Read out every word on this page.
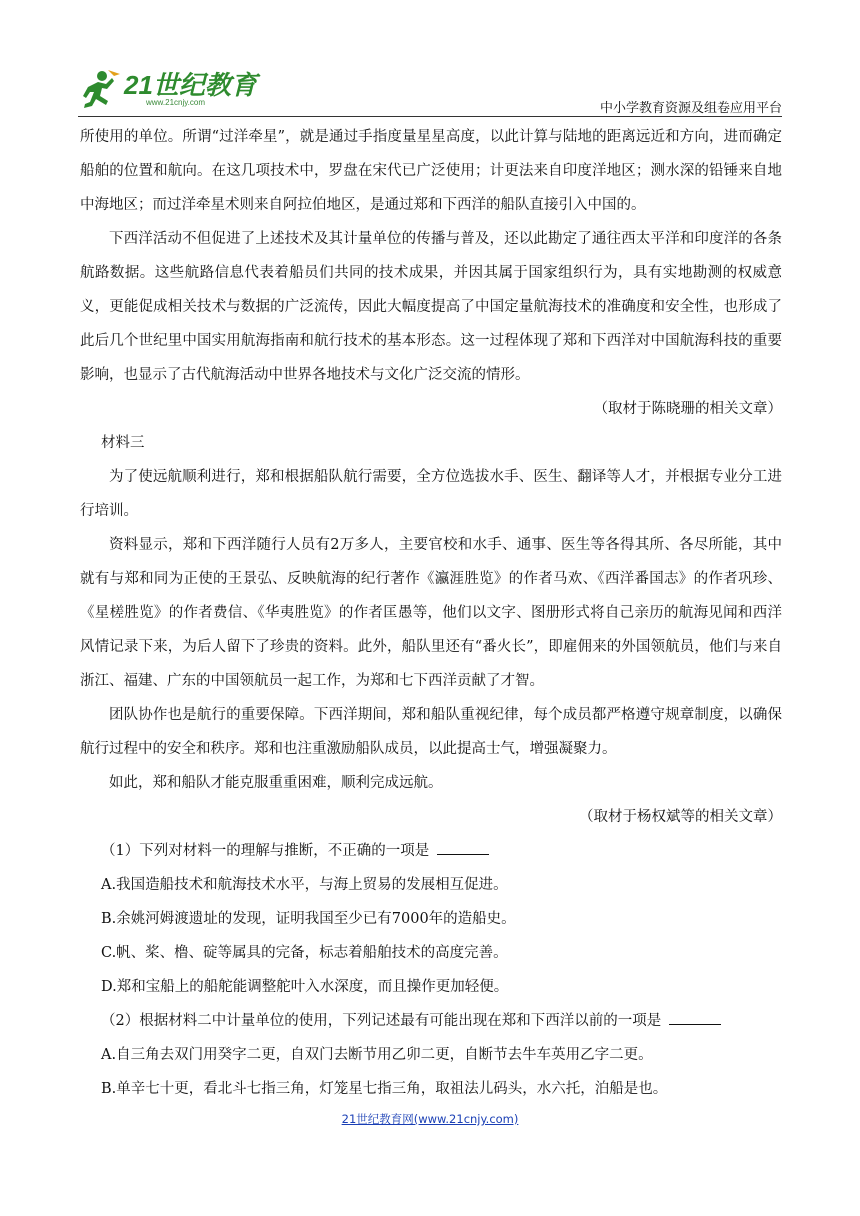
21世纪教育
www.21cnjy.com	中小学教育资源及组卷应用平台

所使用的单位。所谓“过洋牵星”，就是通过手指度量星星高度，以此计算与陆地的距离远近和方向，进而确定船舶的位置和航向。在这几项技术中，罗盘在宋代已广泛使用；计更法来自印度洋地区；测水深的铅锤来自地中海地区；而过洋牵星术则来自阿拉伯地区，是通过郑和下西洋的船队直接引入中国的。

下西洋活动不但促进了上述技术及其计量单位的传播与普及，还以此勘定了通往西太平洋和印度洋的各条航路数据。这些航路信息代表着船员们共同的技术成果，并因其属于国家组织行为，具有实地勘测的权威意义，更能促成相关技术与数据的广泛流传，因此大幅度提高了中国定量航海技术的准确度和安全性，也形成了此后几个世纪里中国实用航海指南和航行技术的基本形态。这一过程体现了郑和下西洋对中国航海科技的重要影响，也显示了古代航海活动中世界各地技术与文化广泛交流的情形。

（取材于陈晓珊的相关文章）

材料三

为了使远航顺利进行，郑和根据船队航行需要，全方位选拔水手、医生、翻译等人才，并根据专业分工进行培训。

资料显示，郑和下西洋随行人员有2万多人，主要官校和水手、通事、医生等各得其所、各尽所能，其中就有与郑和同为正使的王景弘、反映航海的纪行著作《瀛涯胜览》的作者马欢、《西洋番国志》的作者巩珍、《星槎胜览》的作者费信、《华夷胜览》的作者匡愚等，他们以文字、图册形式将自己亲历的航海见闻和西洋风情记录下来，为后人留下了珍贵的资料。此外，船队里还有“番火长”，即雇佣来的外国领航员，他们与来自浙江、福建、广东的中国领航员一起工作，为郑和七下西洋贡献了才智。

团队协作也是航行的重要保障。下西洋期间，郑和船队重视纪律，每个成员都严格遵守规章制度，以确保航行过程中的安全和秩序。郑和也注重激励船队成员，以此提高士气，增强凝聚力。

如此，郑和船队才能克服重重困难，顺利完成远航。

（取材于杨权斌等的相关文章）

（1）下列对材料一的理解与推断，不正确的一项是

A.我国造船技术和航海技术水平，与海上贸易的发展相互促进。

B.余姚河姆渡遗址的发现，证明我国至少已有7000年的造船史。

C.帆、桨、橹、碇等属具的完备，标志着船舶技术的高度完善。

D.郑和宝船上的船舵能调整舵叶入水深度，而且操作更加轻便。

（2）根据材料二中计量单位的使用，下列记述最有可能出现在郑和下西洋以前的一项是

A.自三角去双门用癸字二更，自双门去断节用乙卯二更，自断节去牛车英用乙字二更。

B.单辛七十更，看北斗七指三角，灯笼星七指三角，取祖法儿码头，水六托，泊船是也。

21世纪教育网(www.21cnjy.com)
